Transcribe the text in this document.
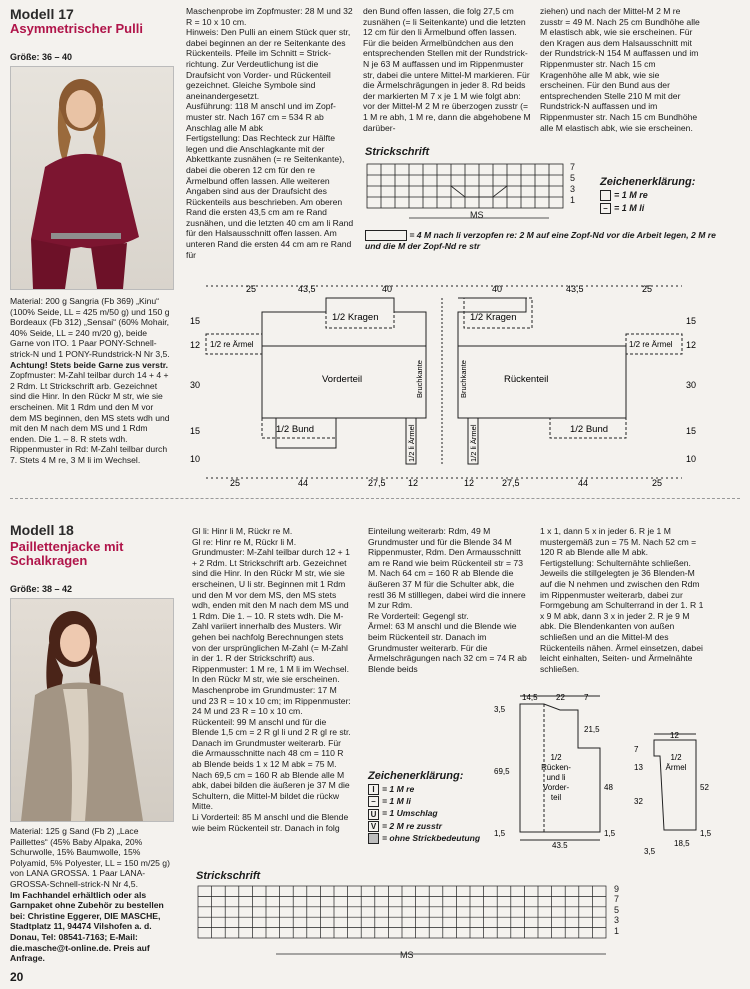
Modell 17
Asymmetrischer Pulli
Größe: 36 – 40

Material: 200 g Sangria (Fb 369) „Kinu“ (100% Seide, LL = 425 m/50 g) und 150 g Bordeaux (Fb 312) „Sensai“ (60% Mohair, 40% Seide, LL = 240 m/20 g), beide Garne von ITO. 1 Paar PONY-Schnell-strick-N und 1 PONY-Rundstrick-N Nr 3,5.

Achtung! Stets beide Garne zus verstr.

Zopfmuster: M-Zahl teilbar durch 14 + 4 + 2 Rdm. Lt Strickschrift arb. Gezeichnet sind die Hinr. In den Rückr M str, wie sie erscheinen. Mit 1 Rdm und den M vor dem MS beginnen, den MS stets wdh und mit den M nach dem MS und 1 Rdm enden. Die 1. – 8. R stets wdh.

Rippenmuster in Rd: M-Zahl teilbar durch 7. Stets 4 M re, 3 M li im Wechsel.

Maschenprobe im Zopfmuster: 28 M und 32 R = 10 x 10 cm.

Hinweis: Den Pulli an einem Stück quer str, dabei beginnen an der re Seitenkante des Rückenteils. Pfeile im Schnitt = Strick-richtung. Zur Verdeutlichung ist die Draufsicht von Vorder- und Rückenteil gezeichnet. Gleiche Symbole sind aneinandergesetzt.

Ausführung: 118 M anschl und im Zopf-muster str. Nach 167 cm = 534 R ab Anschlag alle M abk

Fertigstellung: Das Rechteck zur Hälfte legen und die Anschlagkante mit der Abkettkante zusnähen (= re Seitenkante), dabei die oberen 12 cm für den re Ärmelbund offen lassen. Alle weiteren Angaben sind aus der Draufsicht des Rückenteils aus beschrieben. Am oberen Rand die ersten 43,5 cm am re Rand zusnähen, und die letzten 40 cm am li Rand für den Halsausschnitt offen lassen. Am unteren Rand die ersten 44 cm am re Rand für

den Bund offen lassen, die folg 27,5 cm zusnähen (= li Seitenkante) und die letzten 12 cm für den li Ärmelbund offen lassen. Für die beiden Ärmelbündchen aus den entsprechenden Stellen mit der Rundstrick-N je 63 M auffassen und im Rippenmuster str, dabei die untere Mittel-M markieren. Für die Ärmelschrägungen in jeder 8. Rd beids der markierten M 7 x je 1 M wie folgt abn: vor der Mittel-M 2 M re überzogen zusstr (= 1 M re abh, 1 M re, dann die abgehobene M darüber-

ziehen) und nach der Mittel-M 2 M re zusstr = 49 M. Nach 25 cm Bundhöhe alle M elastisch abk, wie sie erscheinen. Für den Kragen aus dem Halsausschnitt mit der Rundstrick-N 154 M auffassen und im Rippenmuster str. Nach 15 cm Kragenhöhe alle M abk, wie sie erscheinen. Für den Bund aus der entsprechenden Stelle 210 M mit der Rundstrick-N auffassen und im Rippenmuster str. Nach 15 cm Bundhöhe alle M elastisch abk, wie sie erscheinen.

Strickschrift
7
5
3
1
MS
Zeichenerklärung:
= 1 M re
– = 1 M li
= 4 M nach li verzopfen re: 2 M auf eine Zopf-Nd vor die Arbeit legen, 2 M re und die M der Zopf-Nd re str
25	43,5	40	40	43,5	25
25	44	27,5 12	12	27,5	44	25
15
12
30
15
10
15
12
30
15
10
1/2 Kragen	1/2 Kragen
1/2 re Ärmel	1/2 re Ärmel
Vorderteil	Rückenteil
Bruchkante	Bruchkante
1/2 Bund	1/2 Bund
1/2 li Ärmel	1/2 li Ärmel
Modell 18
Paillettenjacke mit Schalkragen
Größe: 38 – 42

Material: 125 g Sand (Fb 2) „Lace Paillettes“ (45% Baby Alpaka, 20% Schurwolle, 15% Baumwolle, 15% Polyamid, 5% Polyester, LL = 150 m/25 g) von LANA GROSSA. 1 Paar LANA-GROSSA-Schnell-strick-N Nr 4,5.

Im Fachhandel erhältlich oder als Garnpaket ohne Zubehör zu bestellen bei: Christine Eggerer, DIE MASCHE, Stadtplatz 11, 94474 Vilshofen a. d. Donau, Tel: 08541-7163; E-Mail: die.masche@t-online.de. Preis auf Anfrage.

Gl li: Hinr li M, Rückr re M.

Gl re: Hinr re M, Rückr li M.

Grundmuster: M-Zahl teilbar durch 12 + 1 + 2 Rdm. Lt Strickschrift arb. Gezeichnet sind die Hinr. In den Rückr M str, wie sie erscheinen, U li str. Beginnen mit 1 Rdm und den M vor dem MS, den MS stets wdh, enden mit den M nach dem MS und 1 Rdm. Die 1. – 10. R stets wdh. Die M-Zahl variiert innerhalb des Musters. Wir gehen bei nachfolg Berechnungen stets von der ursprünglichen M-Zahl (= M-Zahl in der 1. R der Strickschrift) aus.

Rippenmuster: 1 M re, 1 M li im Wechsel. In den Rückr M str, wie sie erscheinen.

Maschenprobe im Grundmuster: 17 M und 23 R = 10 x 10 cm; im Rippenmuster: 24 M und 23 R = 10 x 10 cm.

Rückenteil: 99 M anschl und für die Blende 1,5 cm = 2 R gl li und 2 R gl re str. Danach im Grundmuster weiterarb. Für die Armausschnitte nach 48 cm = 110 R ab Blende beids 1 x 12 M abk = 75 M. Nach 69,5 cm = 160 R ab Blende alle M abk, dabei bilden die äußeren je 37 M die Schultern, die Mittel-M bildet die rückw Mitte.

Li Vorderteil: 85 M anschl und die Blende wie beim Rückenteil str. Danach in folg

Einteilung weiterarb: Rdm, 49 M Grundmuster und für die Blende 34 M Rippenmuster, Rdm. Den Armausschnitt am re Rand wie beim Rückenteil str = 73 M. Nach 64 cm = 160 R ab Blende die äußeren 37 M für die Schulter abk, die restl 36 M stilllegen, dabei wird die innere M zur Rdm.

Re Vorderteil: Gegengl str.

Ärmel: 63 M anschl und die Blende wie beim Rückenteil str. Danach im Grundmuster weiterarb. Für die Ärmelschrägungen nach 32 cm = 74 R ab Blende beids

1 x 1, dann 5 x in jeder 6. R je 1 M mustergemäß zun = 75 M. Nach 52 cm = 120 R ab Blende alle M abk.

Fertigstellung: Schulternähte schließen. Jeweils die stillgelegten je 36 Blenden-M auf die N nehmen und zwischen den Rdm im Rippenmuster weiterarb, dabei zur Formgebung am Schulterrand in der 1. R 1 x 9 M abk, dann 3 x in jeder 2. R je 9 M abk. Die Blendenkanten von außen schließen und an die Mittel-M des Rückenteils nähen. Ärmel einsetzen, dabei leicht einhalten, Seiten- und Ärmelnähte schließen.

Zeichenerklärung:
I = 1 M re
– = 1 M li
U = 1 Umschlag
V = 2 M re zusstr
= ohne Strickbedeutung
14,5 22 7
3,5
69,5
1,5
21,5
48
1,5
43,5
1/2
Rücken-
und li
Vorder-
teil
12
7
13
32
52
3,5
18,5
1,5
1/2
Ärmel
Strickschrift
9
7
5
3
1
MS
20
